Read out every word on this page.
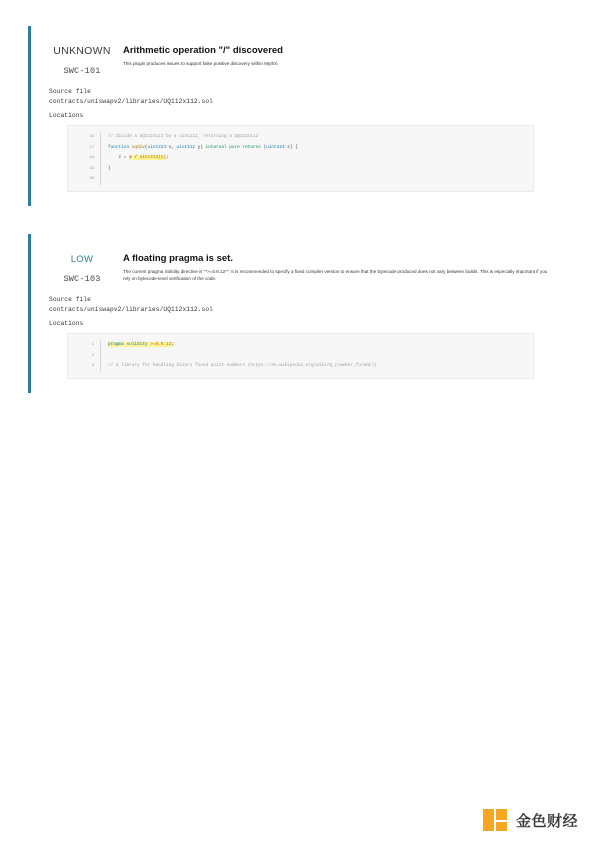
UNKNOWN
SWC-101

Arithmetic operation "/" discovered

This plugin produces issues to support false positive discovery within MythX.

Source file

contracts/uniswapv2/libraries/UQ112x112.sol

Locations

16	// divide a UQ112x112 by a uint112, returning a UQ112x112
17	function uqdiv(uint224 x, uint112 y) internal pure returns (uint224 z) {
18	z = x / uint224(y);
19	}
20

LOW
SWC-103

A floating pragma is set.

The current pragma Solidity directive is "*>=0.6.12*". It is recommended to specify a fixed compiler version to ensure that the bytecode produced does not vary between builds. This is especially important if you rely on bytecode-level verification of the code.

Source file

contracts/uniswapv2/libraries/UQ112x112.sol

Locations

1	pragma solidity >=0.6.12;
2

3	// a library for handling binary fixed point numbers (https://en.wikipedia.org/wiki/Q_(number_format))
金色财经
